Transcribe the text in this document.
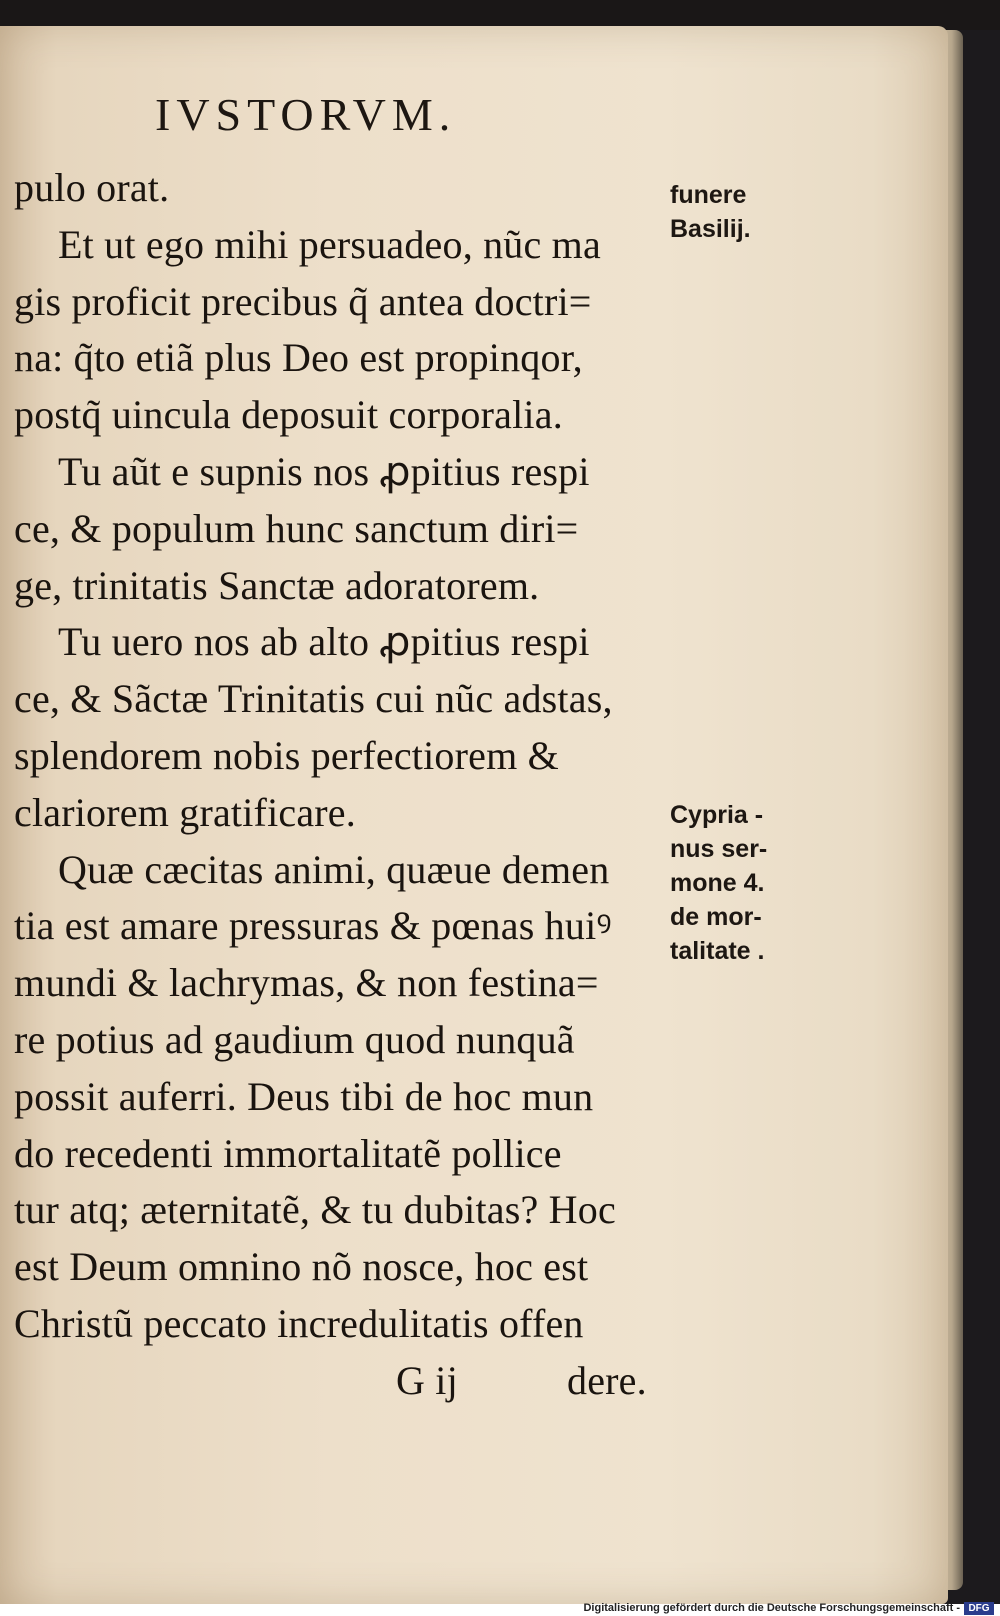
IVSTORVM.
pulo orat.
Et ut ego mihi persuadeo, nũc ma
gis proficit precibus q̃ antea doctri=
na: q̃to etiã plus Deo est propinqor,
postq̃ uincula deposuit corporalia.
Tu aũt e supnis nos ꝓpitius respi
ce, & populum hunc sanctum diri=
ge, trinitatis Sanctæ adoratorem.
Tu uero nos ab alto ꝓpitius respi
ce, & Sãctæ Trinitatis cui nũc adstas,
splendorem nobis perfectiorem &
clariorem gratificare.
Quæ cæcitas animi, quæue demen
tia est amare pressuras & pœnas huiꝰ
mundi & lachrymas, & non festina=
re potius ad gaudium quod nunquã
possit auferri. Deus tibi de hoc mun
do recedenti immortalitatẽ pollice
tur atq; æternitatẽ, & tu dubitas? Hoc
est Deum omnino nõ nosce, hoc est
Christũ peccato incredulitatis offen
G ij	dere.
funere
Basilij.
Cypria -
nus ser-
mone 4.
de mor-
talitate .
Digitalisierung gefördert durch die Deutsche Forschungsgemeinschaft - DFG
